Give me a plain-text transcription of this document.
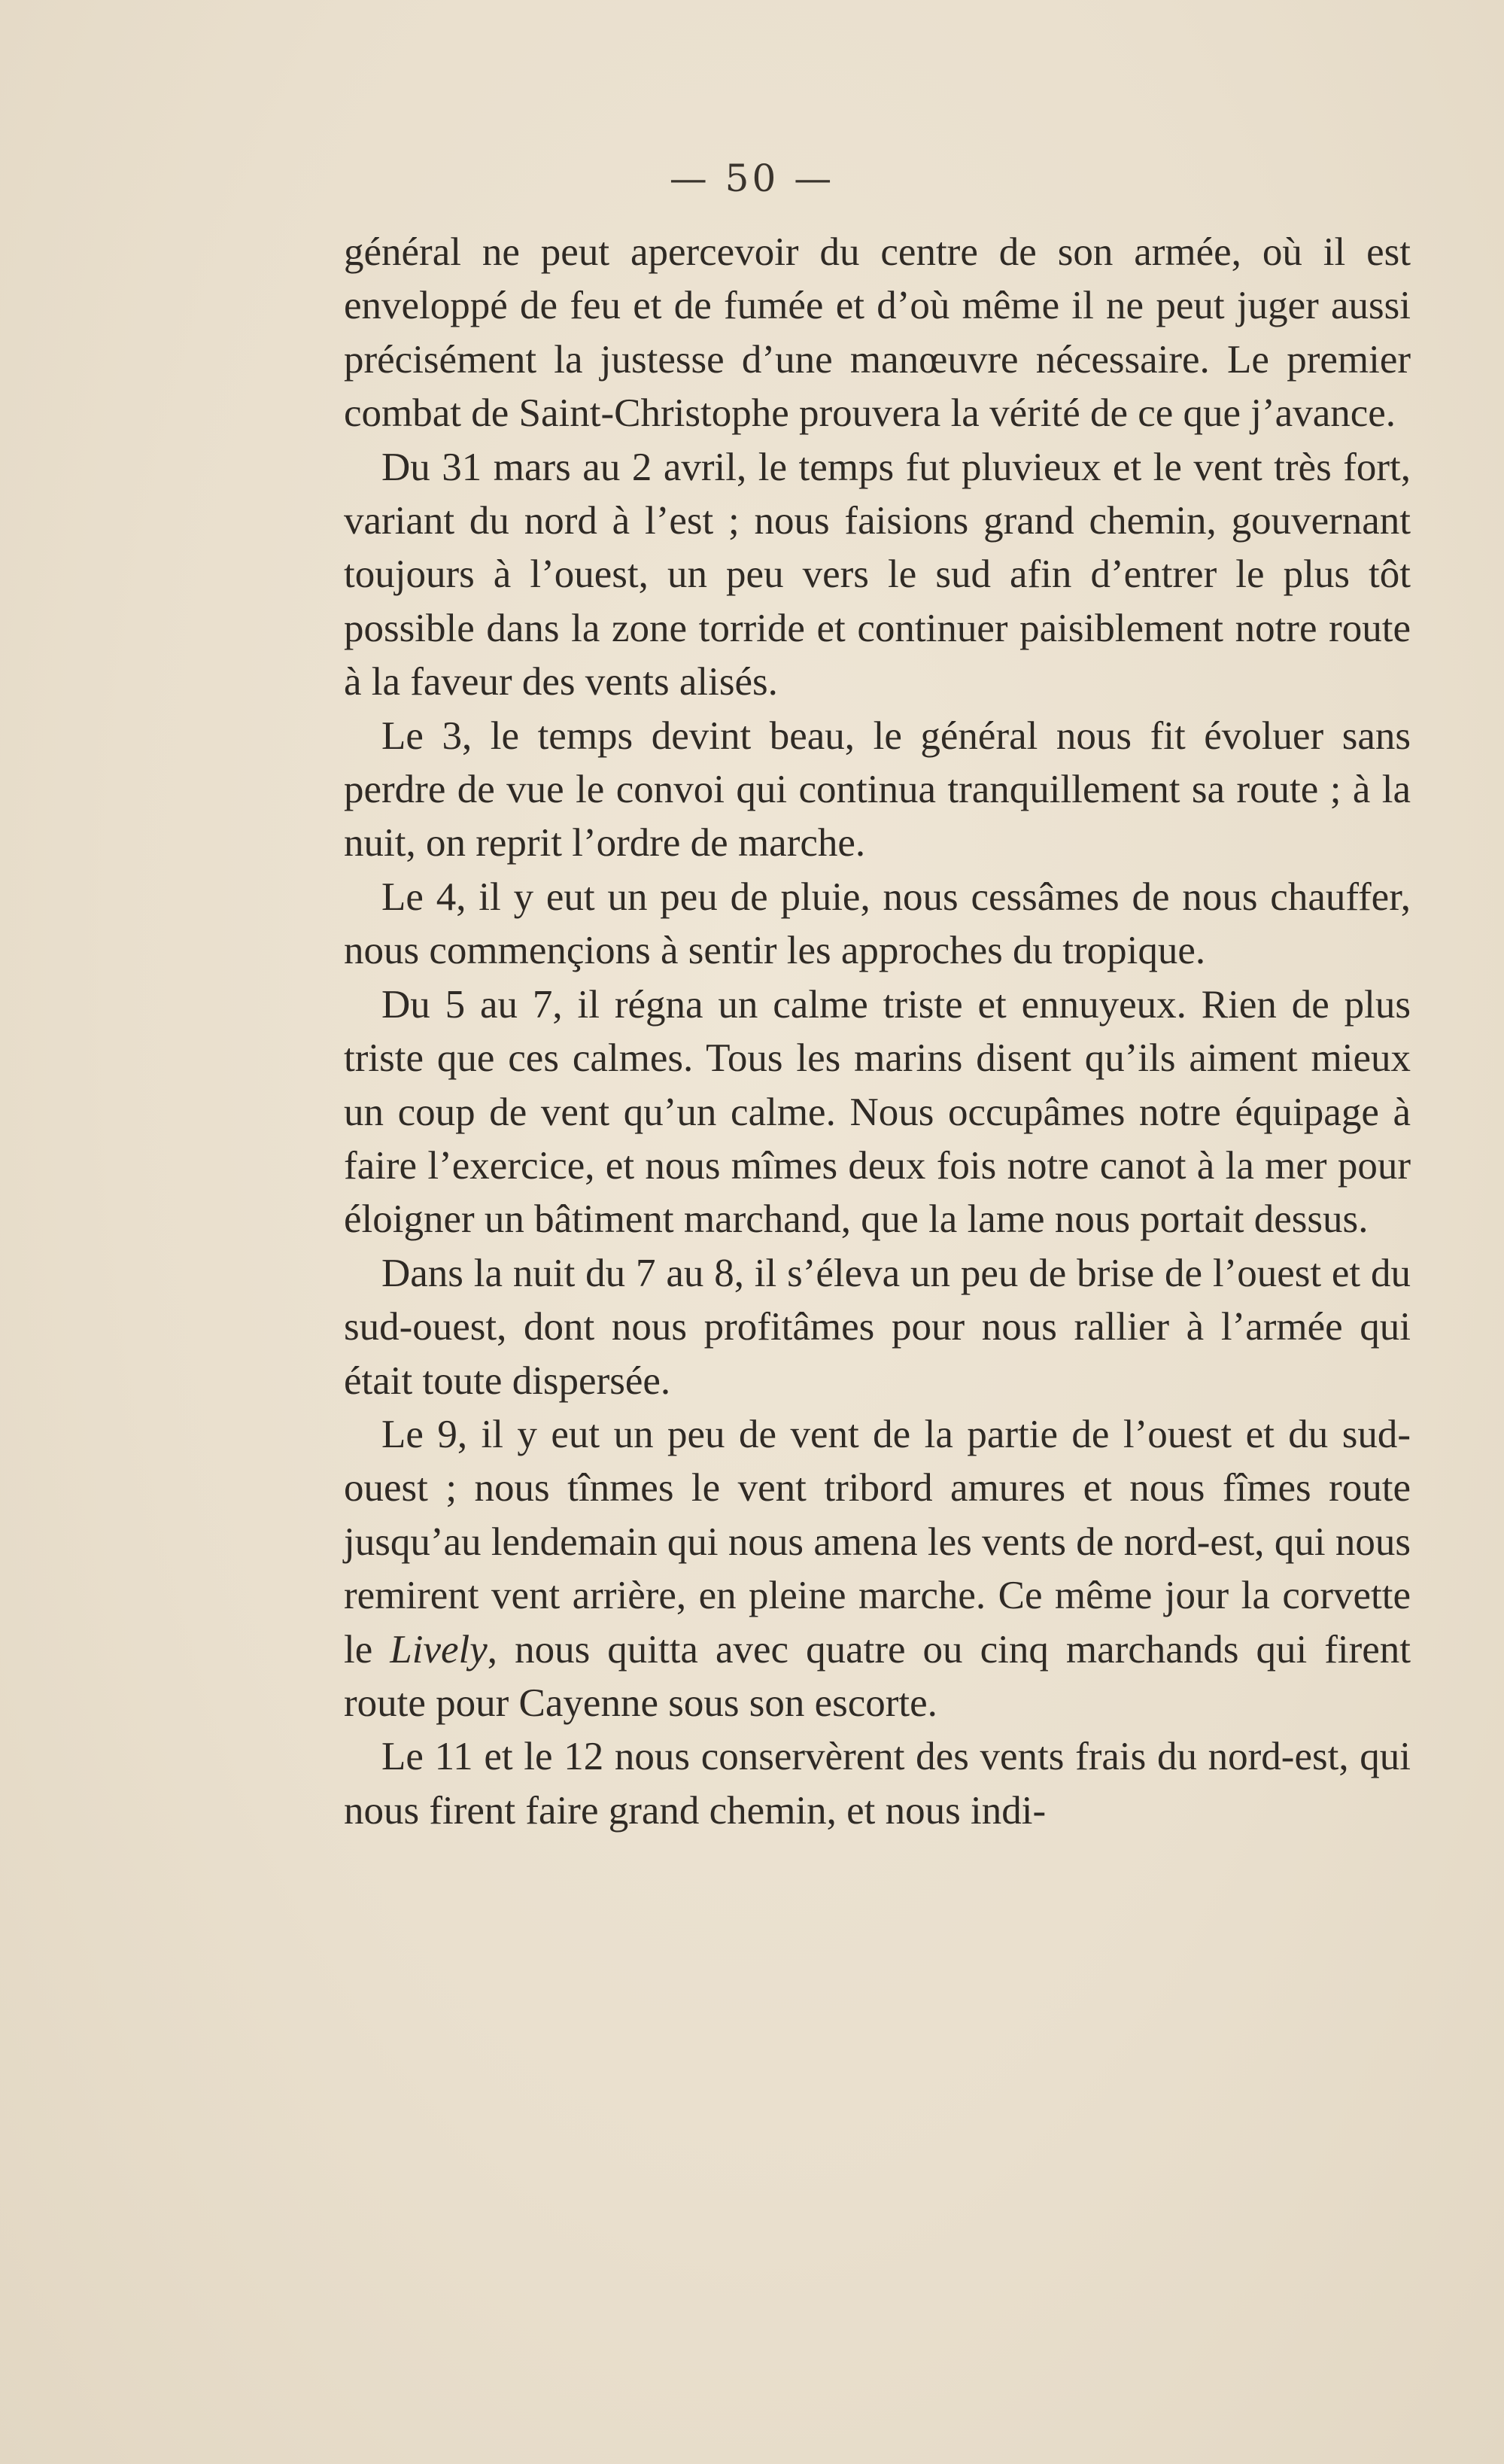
— 50 —

général ne peut apercevoir du centre de son armée, où il est enveloppé de feu et de fumée et d’où même il ne peut juger aussi précisément la justesse d’une manœuvre nécessaire. Le premier combat de Saint-Christophe prouvera la vérité de ce que j’avance.

Du 31 mars au 2 avril, le temps fut pluvieux et le vent très fort, variant du nord à l’est ; nous faisions grand chemin, gouvernant toujours à l’ouest, un peu vers le sud afin d’entrer le plus tôt possible dans la zone torride et continuer paisiblement notre route à la faveur des vents alisés.

Le 3, le temps devint beau, le général nous fit évoluer sans perdre de vue le convoi qui continua tranquillement sa route ; à la nuit, on reprit l’ordre de marche.

Le 4, il y eut un peu de pluie, nous cessâmes de nous chauffer, nous commençions à sentir les approches du tropique.

Du 5 au 7, il régna un calme triste et ennuyeux. Rien de plus triste que ces calmes. Tous les marins disent qu’ils aiment mieux un coup de vent qu’un calme. Nous occupâmes notre équipage à faire l’exercice, et nous mîmes deux fois notre canot à la mer pour éloigner un bâtiment marchand, que la lame nous portait dessus.

Dans la nuit du 7 au 8, il s’éleva un peu de brise de l’ouest et du sud-ouest, dont nous profitâmes pour nous rallier à l’armée qui était toute dispersée.

Le 9, il y eut un peu de vent de la partie de l’ouest et du sud-ouest ; nous tînmes le vent tribord amures et nous fîmes route jusqu’au lendemain qui nous amena les vents de nord-est, qui nous remirent vent arrière, en pleine marche. Ce même jour la corvette le Lively, nous quitta avec quatre ou cinq marchands qui firent route pour Cayenne sous son escorte.

Le 11 et le 12 nous conservèrent des vents frais du nord-est, qui nous firent faire grand chemin, et nous indi-
